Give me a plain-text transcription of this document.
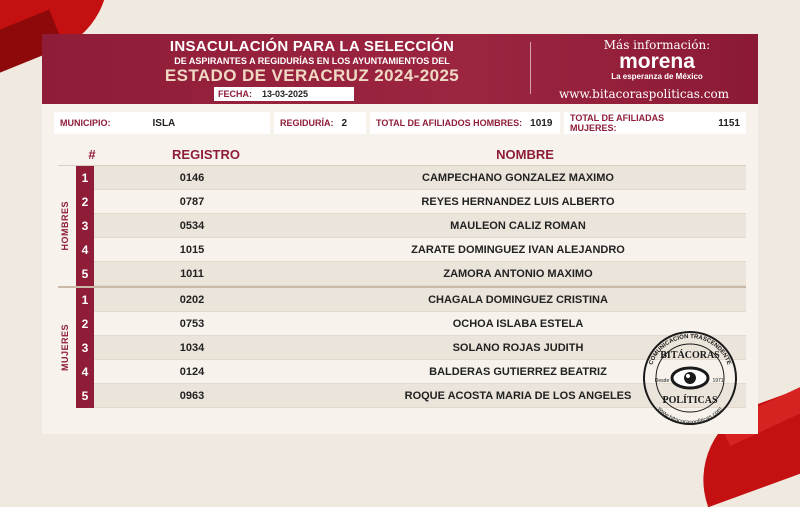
INSACULACIÓN PARA LA SELECCIÓN
DE ASPIRANTES A REGIDURÍAS EN LOS AYUNTAMIENTOS DEL
ESTADO DE VERACRUZ 2024-2025
FECHA:	13-03-2025
Más información:
morena
La esperanza de México
www.bitacoraspoliticas.com
MUNICIPIO:	ISLA	REGIDURÍA: 2	TOTAL DE AFILIADOS HOMBRES: 1019 TOTAL DE AFILIADAS MUJERES:	1151
#	REGISTRO	NOMBRE
HOMBRES
1	0146	CAMPECHANO GONZALEZ MAXIMO
2	0787	REYES HERNANDEZ LUIS ALBERTO
3	0534	MAULEON CALIZ ROMAN
4	1015	ZARATE DOMINGUEZ IVAN ALEJANDRO
5	1011	ZAMORA ANTONIO MAXIMO
MUJERES
1	0202	CHAGALA DOMINGUEZ CRISTINA
2	0753	OCHOA ISLABA ESTELA
3	1034	SOLANO ROJAS JUDITH
4	0124	BALDERAS GUTIERREZ BEATRIZ
5	0963	ROQUE ACOSTA MARIA DE LOS ANGELES
COMUNICACIÓN TRASCENDENTE
www.bitacoraspoliticas.com
BITÁCORAS
Desde	1971
POLÍTICAS
